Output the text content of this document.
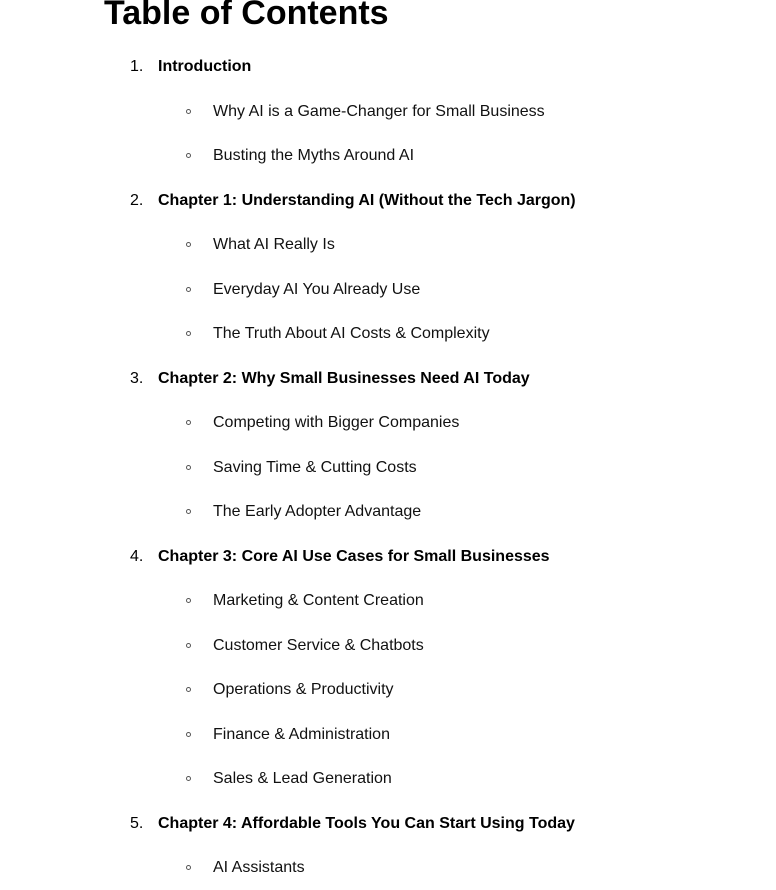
Table of Contents
1. Introduction
Why AI is a Game-Changer for Small Business
Busting the Myths Around AI
2. Chapter 1: Understanding AI (Without the Tech Jargon)
What AI Really Is
Everyday AI You Already Use
The Truth About AI Costs & Complexity
3. Chapter 2: Why Small Businesses Need AI Today
Competing with Bigger Companies
Saving Time & Cutting Costs
The Early Adopter Advantage
4. Chapter 3: Core AI Use Cases for Small Businesses
Marketing & Content Creation
Customer Service & Chatbots
Operations & Productivity
Finance & Administration
Sales & Lead Generation
5. Chapter 4: Affordable Tools You Can Start Using Today
AI Assistants
